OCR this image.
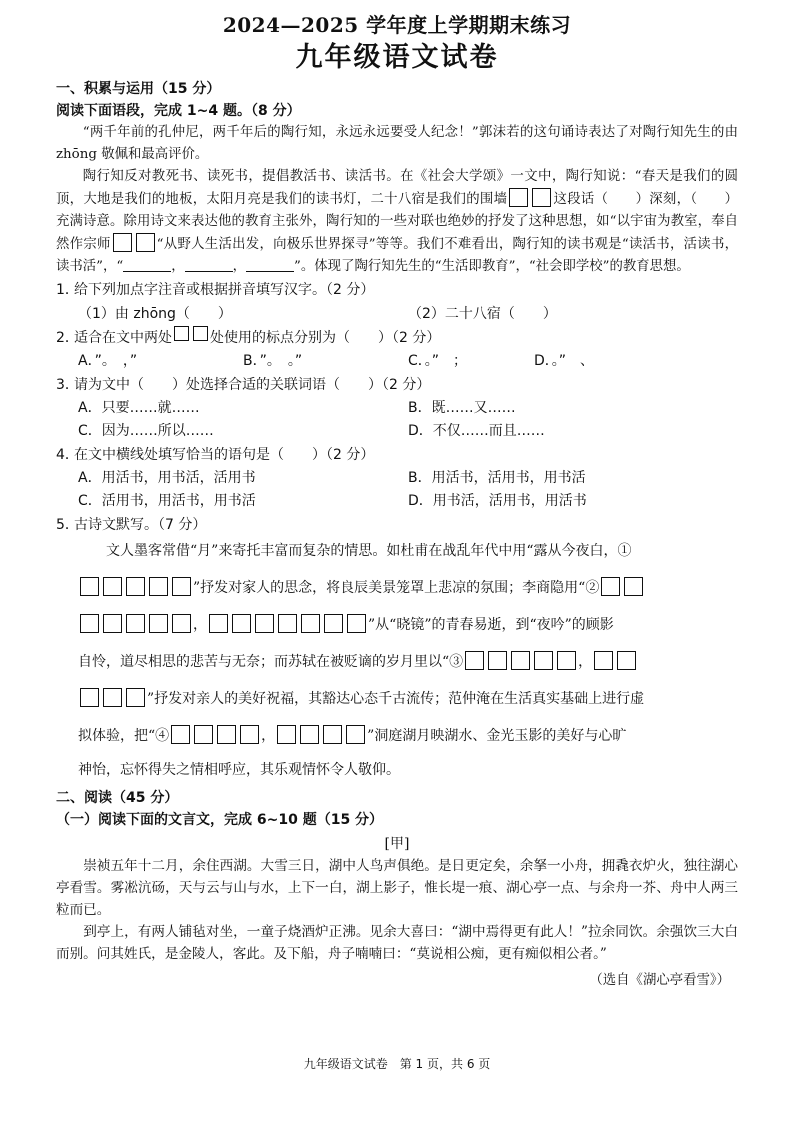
2024—2025 学年度上学期期末练习
九年级语文试卷
一、积累与运用（15 分）
阅读下面语段，完成 1~4 题。（8 分）

“两千年前的孔仲尼，两千年后的陶行知，永远永远要受人纪念！”郭沫若的这句诵诗表达了对陶行知先生的由 zhōng 敬佩和最高评价。

陶行知反对教死书、读死书，提倡教活书、读活书。在《社会大学颂》一文中，陶行知说：“春天是我们的圆顶，大地是我们的地板，太阳月亮是我们的读书灯，二十八宿是我们的围墙	这段话（　　）深刻，（　　）充满诗意。除用诗文来表达他的教育主张外，陶行知的一些对联也绝妙的抒发了这种思想，如“以宇宙为教室，奉自然作宗师	“从野人生活出发，向极乐世界探寻”等等。我们不难看出，陶行知的读书观是“读活书，活读书，读书活”，“	，	，	”。体现了陶行知先生的“生活即教育”，“社会即学校”的教育思想。

1．
给下列加点字注音或根据拼音填写汉字。（2 分）
（1）由 zhōng（　　）	（2）二十八宿（　　）
2．
适合在文中两处	处使用的标点分别为（　　）（2 分）
A．”。　，”	B．”。　。”	C．。”　；	D．。”　、
3．
请为文中（　　）处选择合适的关联词语（　　）（2 分）
A．只要……就……	B．既……又……
C．因为……所以……	D．不仅……而且……
4．
在文中横线处填写恰当的语句是（　　）（2 分）
A．用活书，用书活，活用书	B．用活书，活用书，用书活
C．活用书，用活书，用书活	D．用书活，活用书，用活书
5．
古诗文默写。（7 分）

文人墨客常借“月”来寄托丰富而复杂的情思。如杜甫在战乱年代中用“露从今夜白，①

”抒发对家人的思念，将良辰美景笼罩上悲凉的氛围；李商隐用“②

，	”从“晓镜”的青春易逝，到“夜吟”的顾影

自怜，道尽相思的悲苦与无奈；而苏轼在被贬谪的岁月里以“③	，

”抒发对亲人的美好祝福，其豁达心态千古流传；范仲淹在生活真实基础上进行虚

拟体验，把“④	，	”洞庭湖月映湖水、金光玉影的美好与心旷

神怡，忘怀得失之情相呼应，其乐观情怀令人敬仰。

二、阅读（45 分）
（一）阅读下面的文言文，完成 6~10 题（15 分）
[甲]

崇祯五年十二月，余住西湖。大雪三日，湖中人鸟声俱绝。是日更定矣，余拏一小舟，拥毳衣炉火，独往湖心亭看雪。雾凇沆砀，天与云与山与水，上下一白，湖上影子，惟长堤一痕、湖心亭一点、与余舟一芥、舟中人两三粒而已。

到亭上，有两人铺毡对坐，一童子烧酒炉正沸。见余大喜曰：“湖中焉得更有此人！”拉余同饮。余强饮三大白而别。问其姓氏，是金陵人，客此。及下船，舟子喃喃曰：“莫说相公痴，更有痴似相公者。”

（选自《湖心亭看雪》）
九年级语文试卷　第 1 页，共 6 页
